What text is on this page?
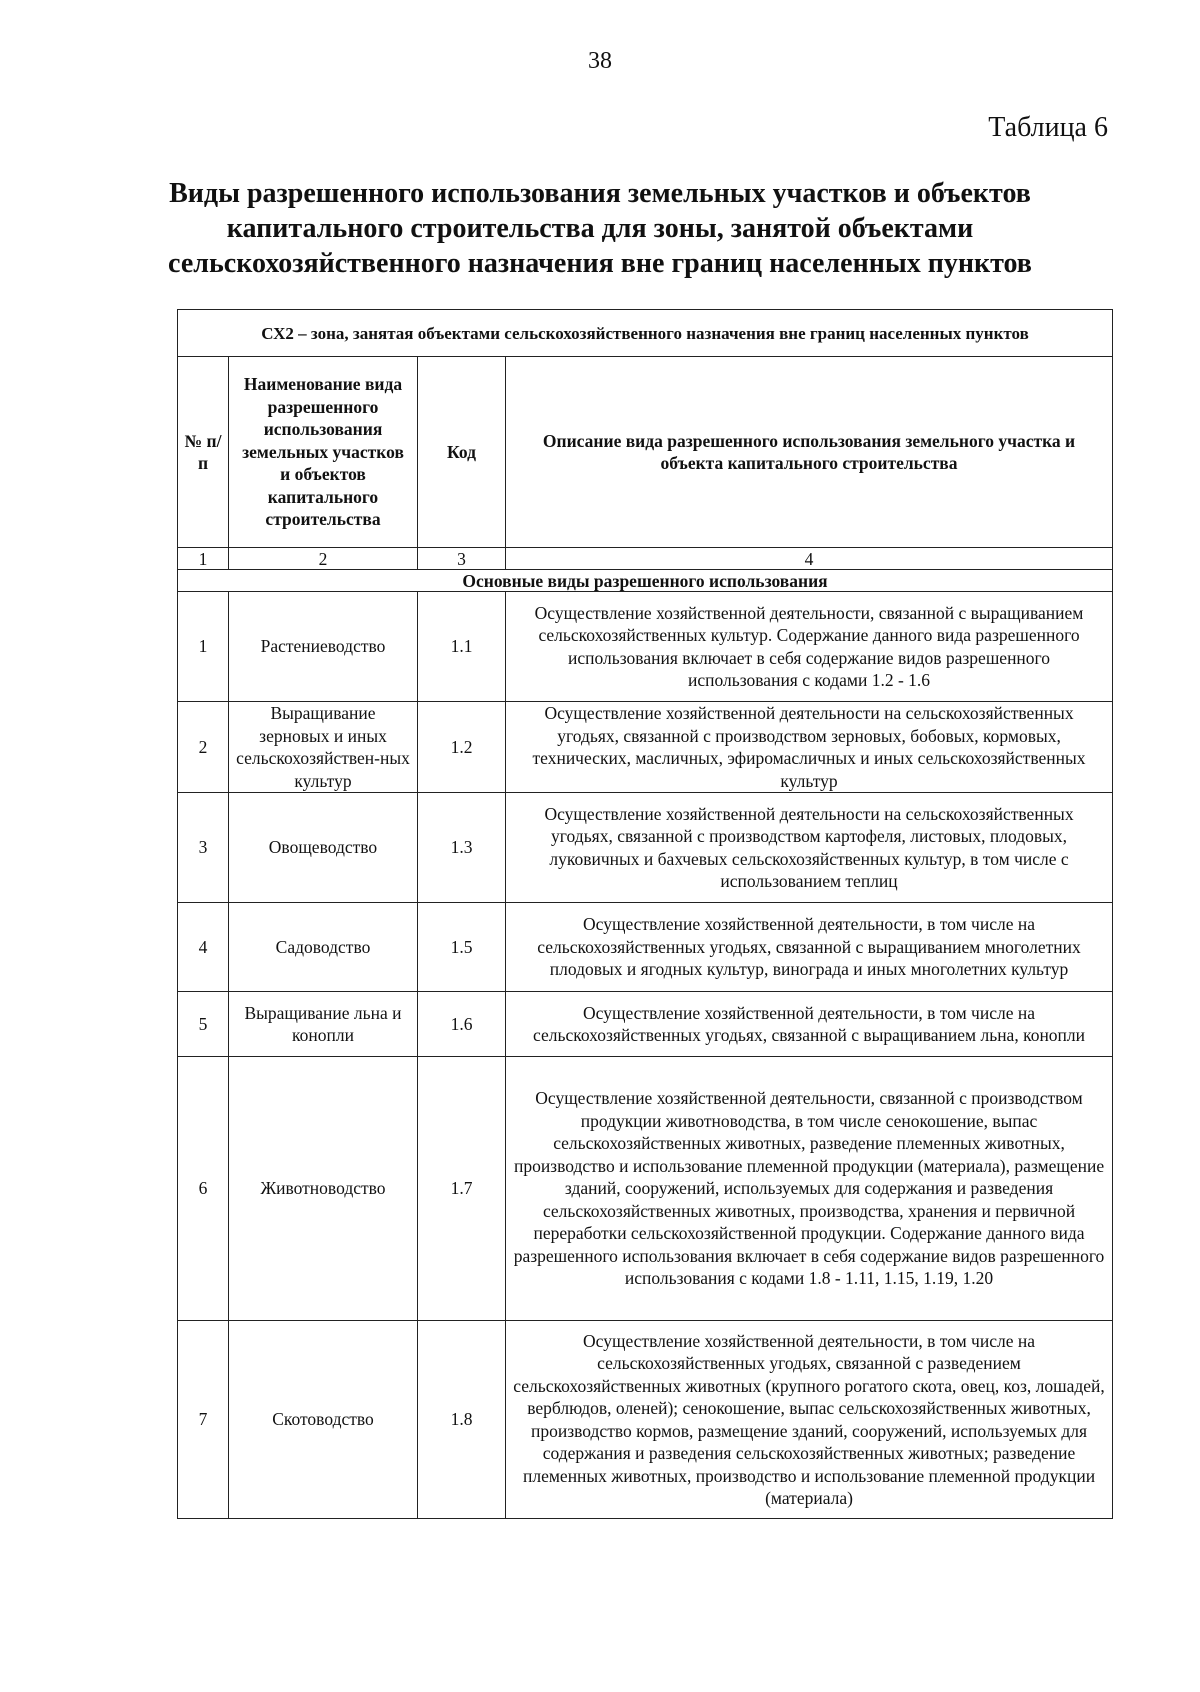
38
Таблица 6
Виды разрешенного использования земельных участков и объектов капитального строительства для зоны, занятой объектами сельскохозяйственного назначения вне границ населенных пунктов
СХ2 – зона, занятая объектами сельскохозяйственного назначения вне границ населенных пунктов			
№ п/п	Наименование вида разрешенного использования земельных участков и объектов капитального строительства	Код	Описание вида разрешенного использования земельного участка и объекта капитального строительства
1	2	3	4
Основные виды разрешенного использования			
1	Растениеводство	1.1	Осуществление хозяйственной деятельности, связанной с выращиванием сельскохозяйственных культур. Содержание данного вида разрешенного использования включает в себя содержание видов разрешенного использования с кодами 1.2 - 1.6
2	Выращивание зерновых и иных сельскохозяйствен-ных культур	1.2	Осуществление хозяйственной деятельности на сельскохозяйственных угодьях, связанной с производством зерновых, бобовых, кормовых, технических, масличных, эфиромасличных и иных сельскохозяйственных культур
3	Овощеводство	1.3	Осуществление хозяйственной деятельности на сельскохозяйственных угодьях, связанной с производством картофеля, листовых, плодовых, луковичных и бахчевых сельскохозяйственных культур, в том числе с использованием теплиц
4	Садоводство	1.5	Осуществление хозяйственной деятельности, в том числе на сельскохозяйственных угодьях, связанной с выращиванием многолетних плодовых и ягодных культур, винограда и иных многолетних культур
5	Выращивание льна и конопли	1.6	Осуществление хозяйственной деятельности, в том числе на сельскохозяйственных угодьях, связанной с выращиванием льна, конопли
6	Животноводство	1.7	Осуществление хозяйственной деятельности, связанной с производством продукции животноводства, в том числе сенокошение, выпас сельскохозяйственных животных, разведение племенных животных, производство и использование племенной продукции (материала), размещение зданий, сооружений, используемых для содержания и разведения сельскохозяйственных животных, производства, хранения и первичной переработки сельскохозяйственной продукции. Содержание данного вида разрешенного использования включает в себя содержание видов разрешенного использования с кодами 1.8 - 1.11, 1.15, 1.19, 1.20
7	Скотоводство	1.8	Осуществление хозяйственной деятельности, в том числе на сельскохозяйственных угодьях, связанной с разведением сельскохозяйственных животных (крупного рогатого скота, овец, коз, лошадей, верблюдов, оленей); сенокошение, выпас сельскохозяйственных животных, производство кормов, размещение зданий, сооружений, используемых для содержания и разведения сельскохозяйственных животных; разведение племенных животных, производство и использование племенной продукции (материала)
